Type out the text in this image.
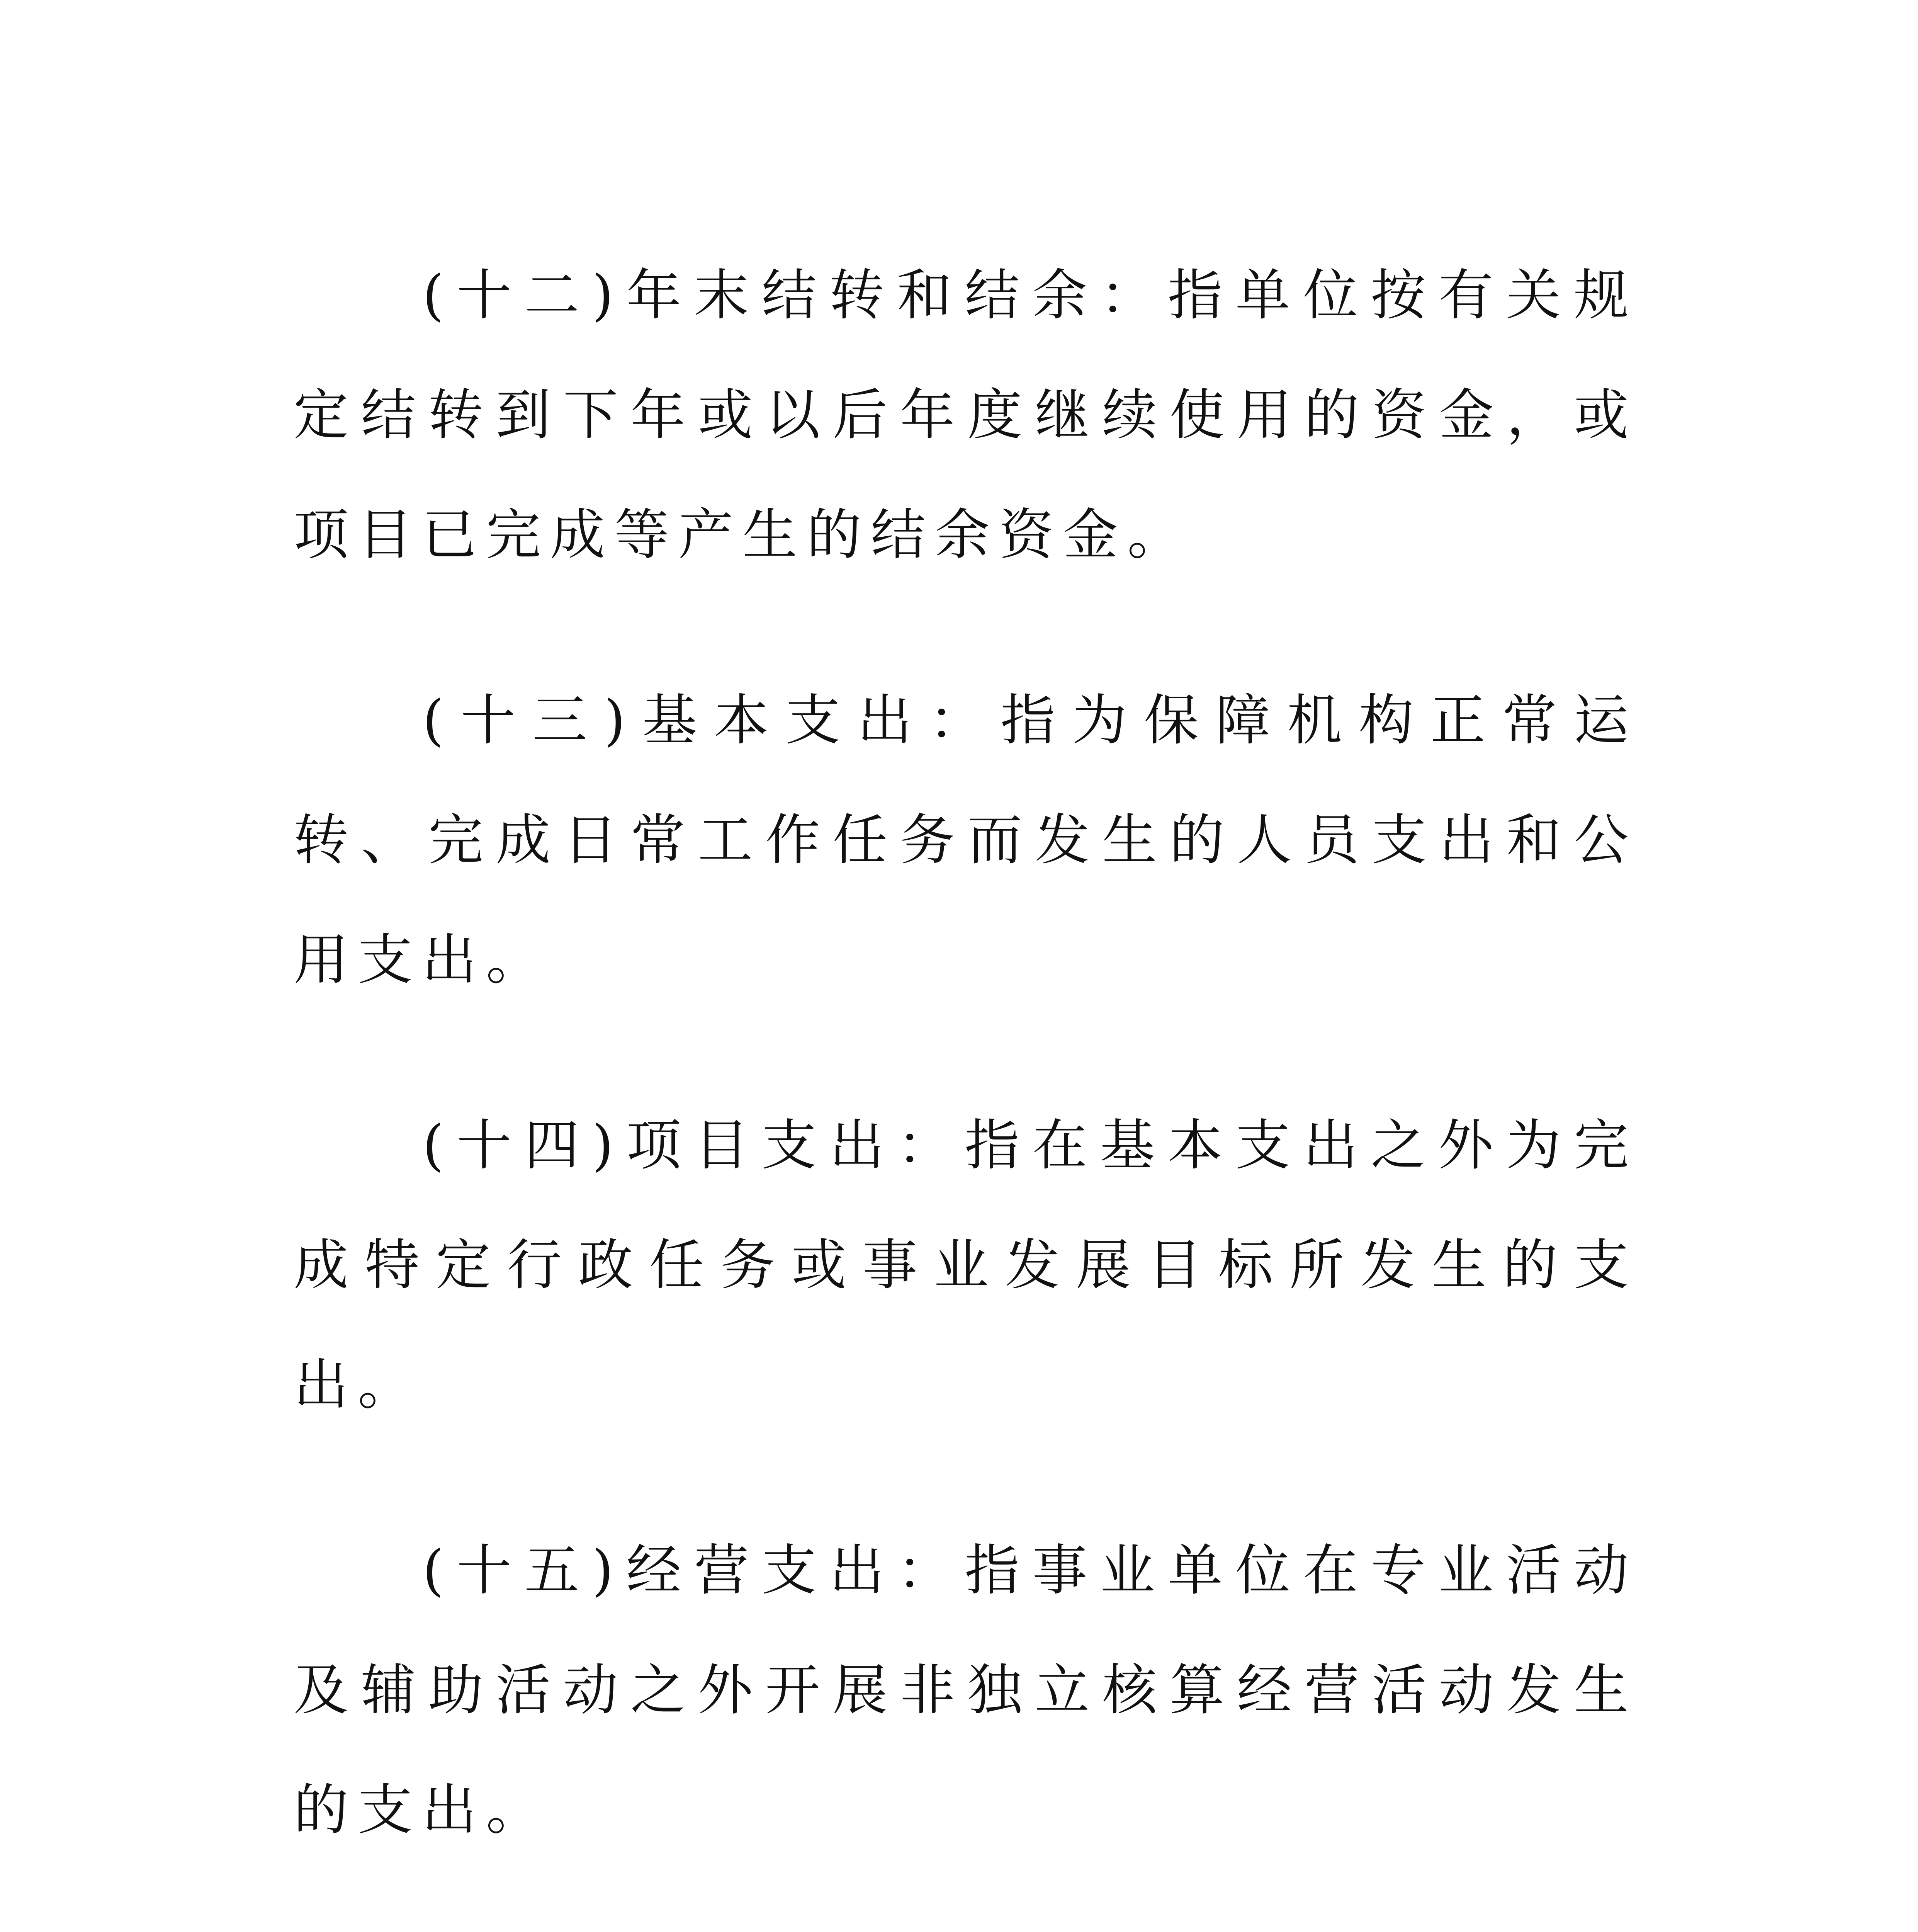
(十二)年末结转和结余：指单位按有关规定结转到下年或以后年度继续使用的资金，或项目已完成等产生的结余资金。

(十三)基本支出：指为保障机构正常运转、完成日常工作任务而发生的人员支出和公用支出。

(十四)项目支出：指在基本支出之外为完成特定行政任务或事业发展目标所发生的支出。

(十五)经营支出：指事业单位在专业活动及辅助活动之外开展非独立核算经营活动发生的支出。
